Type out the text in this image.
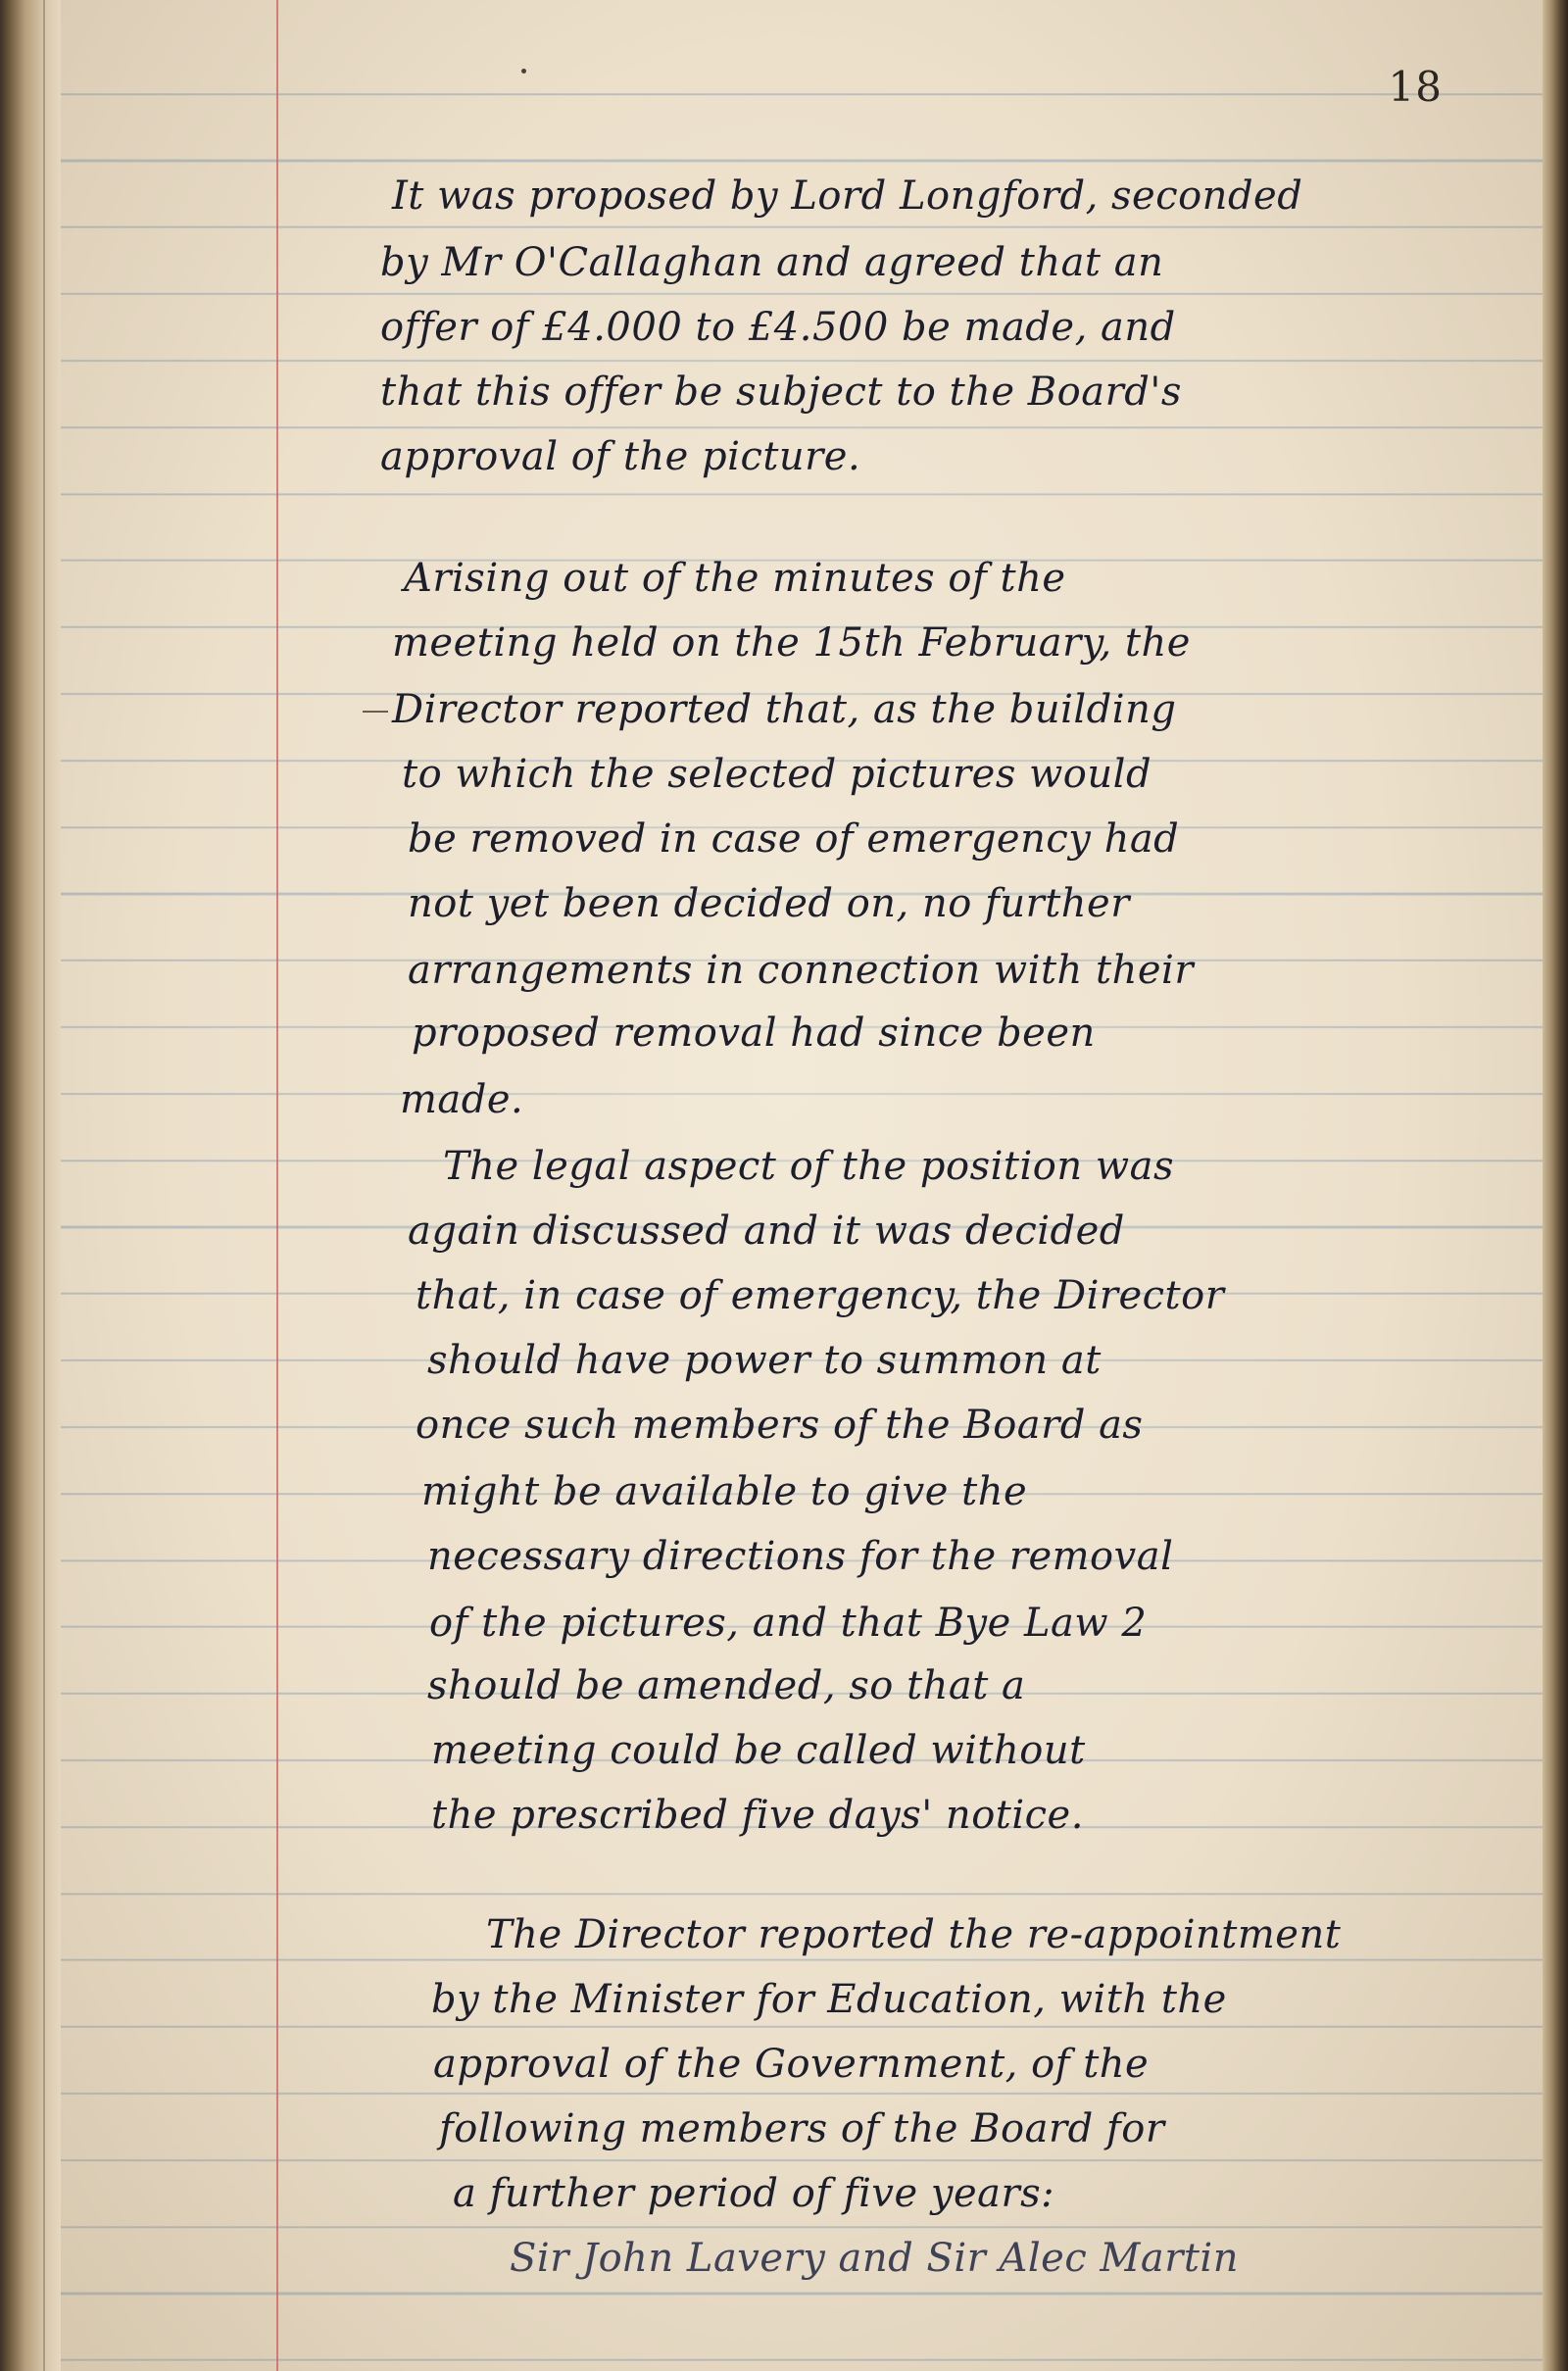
18
It was proposed by Lord Longford, seconded
by Mr O'Callaghan and agreed that an
offer of £4.000 to £4.500 be made, and
that this offer be subject to the Board's
approval of the picture.
Arising out of the minutes of the
meeting held on the 15th February, the
Director reported that, as the building
to which the selected pictures would
be removed in case of emergency had
not yet been decided on, no further
arrangements in connection with their
proposed removal had since been
made.
The legal aspect of the position was
again discussed and it was decided
that, in case of emergency, the Director
should have power to summon at
once such members of the Board as
might be available to give the
necessary directions for the removal
of the pictures, and that Bye Law 2
should be amended, so that a
meeting could be called without
the prescribed five days' notice.
The Director reported the re-appointment
by the Minister for Education, with the
approval of the Government, of the
following members of the Board for
a further period of five years:
Sir John Lavery and Sir Alec Martin
